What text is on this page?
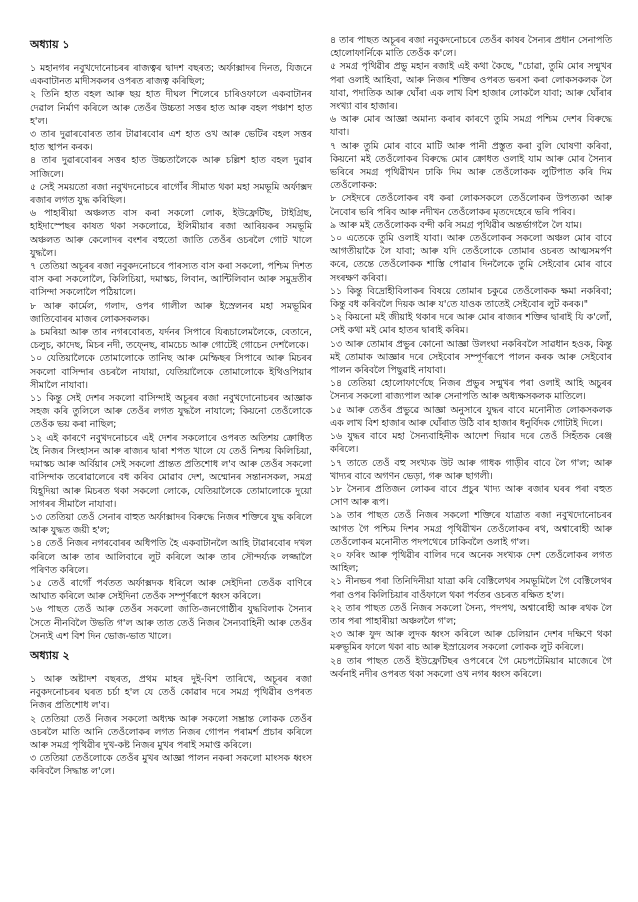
অধ্যায় ১

১ মহানগৰ নবুখদোনোচৰৰ ৰাজত্বৰ দ্বাদশ বছৰত; অৰ্ফাক্সাদৰ দিনত, যিজনে একবাটানত মাদীসকলৰ ওপৰত ৰাজত্ব কৰিছিল;

২ তিনি হাত বহল আৰু ছয় হাত দীঘল শিলেৰে চাৰিওফালে একবাটানৰ দেৱাল নিৰ্মাণ কৰিলে আৰু তেওঁৰ উচ্চতা সত্তৰ হাত আৰু বহল পঞ্চাশ হাত হ'ল।

৩ তাৰ দুৱাৰবোৰত তাৰ টাৱাৰবোৰ এশ হাত ওখ আৰু ভেটিৰ বহল সত্তৰ হাত স্থাপন কৰক।

৪ তাৰ দুৱাৰবোৰৰ সত্তৰ হাত উচ্চতালৈকে আৰু চল্লিশ হাত বহল দুৱাৰ সাজিলে।

৫ সেই সময়তো ৰজা নবুখদনোচৰে ৰাগোঁৰ সীমাত থকা মহা সমভূমি অৰ্ফাক্সদ ৰজাৰ লগত যুদ্ধ কৰিছিল।

৬ পাহাৰীয়া অঞ্চলত বাস কৰা সকলো লোক, ইউফ্ৰেটিছ, টাইগ্ৰিছ, হাইদাস্পেছৰ কাষত থকা সকলোৱে, ইলিমীয়াৰ ৰজা আৰিয়কৰ সমভূমি অঞ্চলত আৰু কেলোদৰ বংশৰ বহুতো জাতি তেওঁৰ ওচৰলৈ গোট খালে যুদ্ধলৈ।

৭ তেতিয়া অচূৰৰ ৰজা নবুকদনোচৰে পাৰস্যত বাস কৰা সকলো, পশ্চিম দিশত বাস কৰা সকলোলৈ, কিলিচিয়া, দমাস্কচ, লিবান, আন্টিলিবান আৰু সমুদ্ৰতীৰ বাসিন্দা সকলোলৈ পঠিয়ালে।

৮ আৰু কাৰ্মেল, গলাদ, ওপৰ গালীল আৰু ইস্ৰেলনৰ মহা সমভূমিৰ জাতিবোৰৰ মাজৰ লোকসকলক।

৯ চমৰিয়া আৰু তাৰ নগৰবোৰত, যৰ্দনৰ সিপাৰে যিৰূচালেমলৈকে, বেতানে, চেলুচ, কাদেছ, মিচৰ নদী, তফ্নেছ, ৰামচেচ আৰু গোটেই গোচেন দেশলৈকে।

১০ যেতিয়ালৈকে তোমালোকে তানিছ আৰু মেম্ফিছৰ সিপাৰে আৰু মিচৰৰ সকলো বাসিন্দাৰ ওচৰলৈ নাযায়া, যেতিয়ালৈকে তোমালোকে ইথিওপিয়াৰ সীমালৈ নাযাবা।

১১ কিন্তু সেই দেশৰ সকলো বাসিন্দাই অচূৰৰ ৰজা নবুখদোনোচৰৰ আজ্ঞাক সহজ কৰি তুলিলে আৰু তেওঁৰ লগত যুদ্ধলৈ নাযালে; কিয়নো তেওঁলোকে তেওঁক ভয় কৰা নাছিল;

১২ এই কাৰণে নবুখদনোচৰে এই দেশৰ সকলোৰে ওপৰত অতিশয় ক্ৰোধিত হৈ নিজৰ সিংহাসন আৰু ৰাজ্যৰ দ্বাৰা শপত খালে যে তেওঁ নিশ্চয় কিলিচিয়া, দমাস্কচ আৰু অৰ্বিয়াৰ সেই সকলো প্ৰান্তত প্ৰতিশোধ ল'ব আৰু তেওঁৰ সকলো বাসিন্দাক তৰোৱালেৰে বধ কৰিব মোৱাব দেশ, অম্মোনৰ সন্তানসকল, সমগ্ৰ যিহূদিয়া আৰু মিচৰত থকা সকলো লোকে, যেতিয়ালৈকে তোমালোকে দুয়ো সাগৰৰ সীমালৈ নাযাবা।

১৩ তেতিয়া তেওঁ সেনাৰ বাহুত অৰ্ফাক্সাদৰ বিৰুদ্ধে নিজৰ শক্তিৰে যুদ্ধ কৰিলে আৰু যুদ্ধত জয়ী হ'ল;

১৪ তেওঁ নিজৰ নগৰবোৰৰ অধিপতি হৈ একবাটানলৈ আহি টাৱাৰবোৰ দখল কৰিলে আৰু তাৰ আলিবাৰে লুট কৰিলে আৰু তাৰ সৌন্দৰ্য্যক লজ্জালৈ পৰিণত কৰিলে।

১৫ তেওঁ ৰাগোঁ পৰ্বতত অৰ্ফাক্সদক ধৰিলে আৰু সেইদিনা তেওঁক বাণিৰে আঘাত কৰিলে আৰু সেইদিনা তেওঁক সম্পূৰ্ণৰূপে ধ্বংস কৰিলে।

১৬ পাছত তেওঁ আৰু তেওঁৰ সকলো জাতি-জনগোষ্ঠীৰ যুদ্ধবিলাক সৈন্যৰ সৈতে নীনবিলৈ উভতি গ'ল আৰু তাত তেওঁ নিজৰ সৈন্যবাহিনী আৰু তেওঁৰ সৈন্যই এশ বিশ দিন ভোজ-ভাত খালে।

অধ্যায় ২

১ আৰু অষ্টাদশ বছৰত, প্ৰথম মাহৰ দুই-বিশ তাৰিখে, অচূৰৰ ৰজা নবুকদনোচৰৰ ঘৰত চৰ্চা হ'ল যে তেওঁ কোৱাৰ দৰে সমগ্ৰ পৃথিৱীৰ ওপৰত নিজৰ প্ৰতিশোধ ল'ব।

২ তেতিয়া তেওঁ নিজৰ সকলো অধ্যক্ষ আৰু সকলো সম্ভ্ৰান্ত লোকক তেওঁৰ ওচৰলৈ মাতি আনি তেওঁলোকৰ লগত নিজৰ গোপন পৰামৰ্শ প্ৰচাৰ কৰিলে আৰু সমগ্ৰ পৃথিৱীৰ দুখ-কষ্ট নিজৰ মুখৰ পৰাই সমাপ্ত কৰিলে।

৩ তেতিয়া তেওঁলোকে তেওঁৰ মুখৰ আজ্ঞা পালন নকৰা সকলো মাংসক ধ্বংস কৰিবলৈ সিদ্ধান্ত ল'লে।

৪ তাৰ পাছত অচূৰৰ ৰজা নবুকদনোচৰে তেওঁৰ কাষৰ সৈন্যৰ প্ৰধান সেনাপতি হোলোফাৰ্নিকে মাতি তেওঁক ক'লে।

৫ সমগ্ৰ পৃথিৱীৰ প্ৰভু মহান ৰজাই এই কথা কৈছে, "চোৱা, তুমি মোৰ সন্মুখৰ পৰা ওলাই আহিবা, আৰু নিজৰ শক্তিৰ ওপৰত ভৰসা কৰা লোকসকলক লৈ যাবা, পদাতিক আৰু ঘোঁৰা এক লাখ বিশ হাজাৰ লোকলৈ যাবা; আৰু ঘোঁৰাৰ সংখ্যা বাৰ হাজাৰ।

৬ আৰু মোৰ আজ্ঞা অমান্য কৰাৰ কাৰণে তুমি সমগ্ৰ পশ্চিম দেশৰ বিৰুদ্ধে যাবা।

৭ আৰু তুমি মোৰ বাবে মাটি আৰু পানী প্ৰস্তুত কৰা বুলি ঘোষণা কৰিবা, কিয়নো মই তেওঁলোকৰ বিৰুদ্ধে মোৰ ক্ৰোধত ওলাই যাম আৰু মোৰ সৈন্যৰ ভৰিৰে সমগ্ৰ পৃথিৱীখন ঢাকি দিম আৰু তেওঁলোকক লুটিপাত কৰি দিম তেওঁলোকক:

৮ সেইদৰে তেওঁলোকৰ বধ কৰা লোকসকলে তেওঁলোকৰ উপত্যকা আৰু নৈবোৰ ভৰি পৰিব আৰু নদীখন তেওঁলোকৰ মৃতদেহেৰে ভৰি পৰিব।

৯ আৰু মই তেওঁলোকক বন্দী কৰি সমগ্ৰ পৃথিৱীৰ অন্তৰ্ভাগলৈ লৈ যাম।

১০ এতেকে তুমি ওলাই যাবা। আৰু তেওঁলোকৰ সকলো অঞ্চল মোৰ বাবে আগতীয়াকৈ লৈ যাবা; আৰু যদি তেওঁলোকে তোমাৰ ওচৰত আত্মসমৰ্পণ কৰে, তেন্তে তেওঁলোকক শাস্তি পোৱাৰ দিনলৈকে তুমি সেইবোৰ মোৰ বাবে সংৰক্ষণ কৰিবা।

১১ কিন্তু বিদ্ৰোহীবিলাকৰ বিষয়ে তোমাৰ চকুৱে তেওঁলোকক ক্ষমা নকৰিবা; কিন্তু বধ কৰিবলৈ দিয়ক আৰু য'তে যাওক তাতেই সেইবোৰ লুট কৰক।"

১২ কিয়নো মই জীয়াই থকাৰ দৰে আৰু মোৰ ৰাজ্যৰ শক্তিৰ দ্বাৰাই যি ক'লোঁ, সেই কথা মই মোৰ হাতৰ দ্বাৰাই কৰিম।

১৩ আৰু তোমাৰ প্ৰভুৰ কোনো আজ্ঞা উলংঘা নকৰিবলৈ সাৱধান হওক, কিন্তু মই তোমাক আজ্ঞাৰ দৰে সেইবোৰ সম্পূৰ্ণৰূপে পালন কৰক আৰু সেইবোৰ পালন কৰিবলৈ পিছুৱাই নাযাবা।

১৪ তেতিয়া হোলোফাৰ্ণেছে নিজৰ প্ৰভুৰ সন্মুখৰ পৰা ওলাই আহি অচুৰৰ সৈন্যৰ সকলো ৰাজ্যপাল আৰু সেনাপতি আৰু অধ্যক্ষসকলক মাতিলে।

১৫ আৰু তেওঁৰ প্ৰভুৱে আজ্ঞা অনুসাৰে যুদ্ধৰ বাবে মনোনীত লোকসকলক এক লাখ বিশ হাজাৰ আৰু ঘোঁৰাত উঠি বাৰ হাজাৰ ধনুৰ্বিদক গোটাই দিলে।

১৬ যুদ্ধৰ বাবে মহা সৈন্যবাহিনীক আদেশ দিয়াৰ দৰে তেওঁ সিহঁতক ৰেঞ্জ কৰিলে।

১৭ তাতে তেওঁ বহু সংখ্যক উট আৰু গাধক গাড়ীৰ বাবে লৈ গ'ল; আৰু খাদ্যৰ বাবে অগণন ভেড়া, গৰু আৰু ছাগলী।

১৮ সৈন্যৰ প্ৰতিজন লোকৰ বাবে প্ৰচুৰ খাদ্য আৰু ৰজাৰ ঘৰৰ পৰা বহুত সোণ আৰু ৰূপ।

১৯ তাৰ পাছত তেওঁ নিজৰ সকলো শক্তিৰে যাত্ৰাত ৰজা নবুখদোনোচৰৰ আগত গৈ পশ্চিম দিশৰ সমগ্ৰ পৃথিৱীখন তেওঁলোকৰ ৰথ, অশ্বাৰোহী আৰু তেওঁলোকৰ মনোনীত পদপথেৰে ঢাকিবলৈ ওলাই গ'ল।

২০ ফৰিং আৰু পৃথিৱীৰ বালিৰ দৰে অনেক সংখ্যক দেশ তেওঁলোকৰ লগত আহিল;

২১ নীনভৰ পৰা তিনিদিনীয়া যাত্ৰা কৰি বেক্টিলেথৰ সমভূমিলৈ গৈ বেক্টিলেথৰ পৰা ওপৰ কিলিচিয়াৰ বাওঁফালে থকা পৰ্বতৰ ওচৰত ৰক্ষিত হ'ল।

২২ তাৰ পাছত তেওঁ নিজৰ সকলো সৈন্য, পদপথ, অশ্বাৰোহী আৰু ৰথক লৈ তাৰ পৰা পাহাৰীয়া অঞ্চললৈ গ'ল;

২৩ আৰু ফুদ আৰু লুদক ধ্বংস কৰিলে আৰু চেলিয়ান দেশৰ দক্ষিণে থকা মৰুভূমিৰ ফালে থকা ৰাচ আৰু ইস্ৰায়েলৰ সকলো লোকক লুট কৰিলে।

২৪ তাৰ পাছত তেওঁ ইউফ্ৰেটিছৰ ওপৰেৰে গৈ মেচপটেমিয়াৰ মাজেৰে গৈ অৰ্বনাই নদীৰ ওপৰত থকা সকলো ওখ নগৰ ধ্বংস কৰিলে।
